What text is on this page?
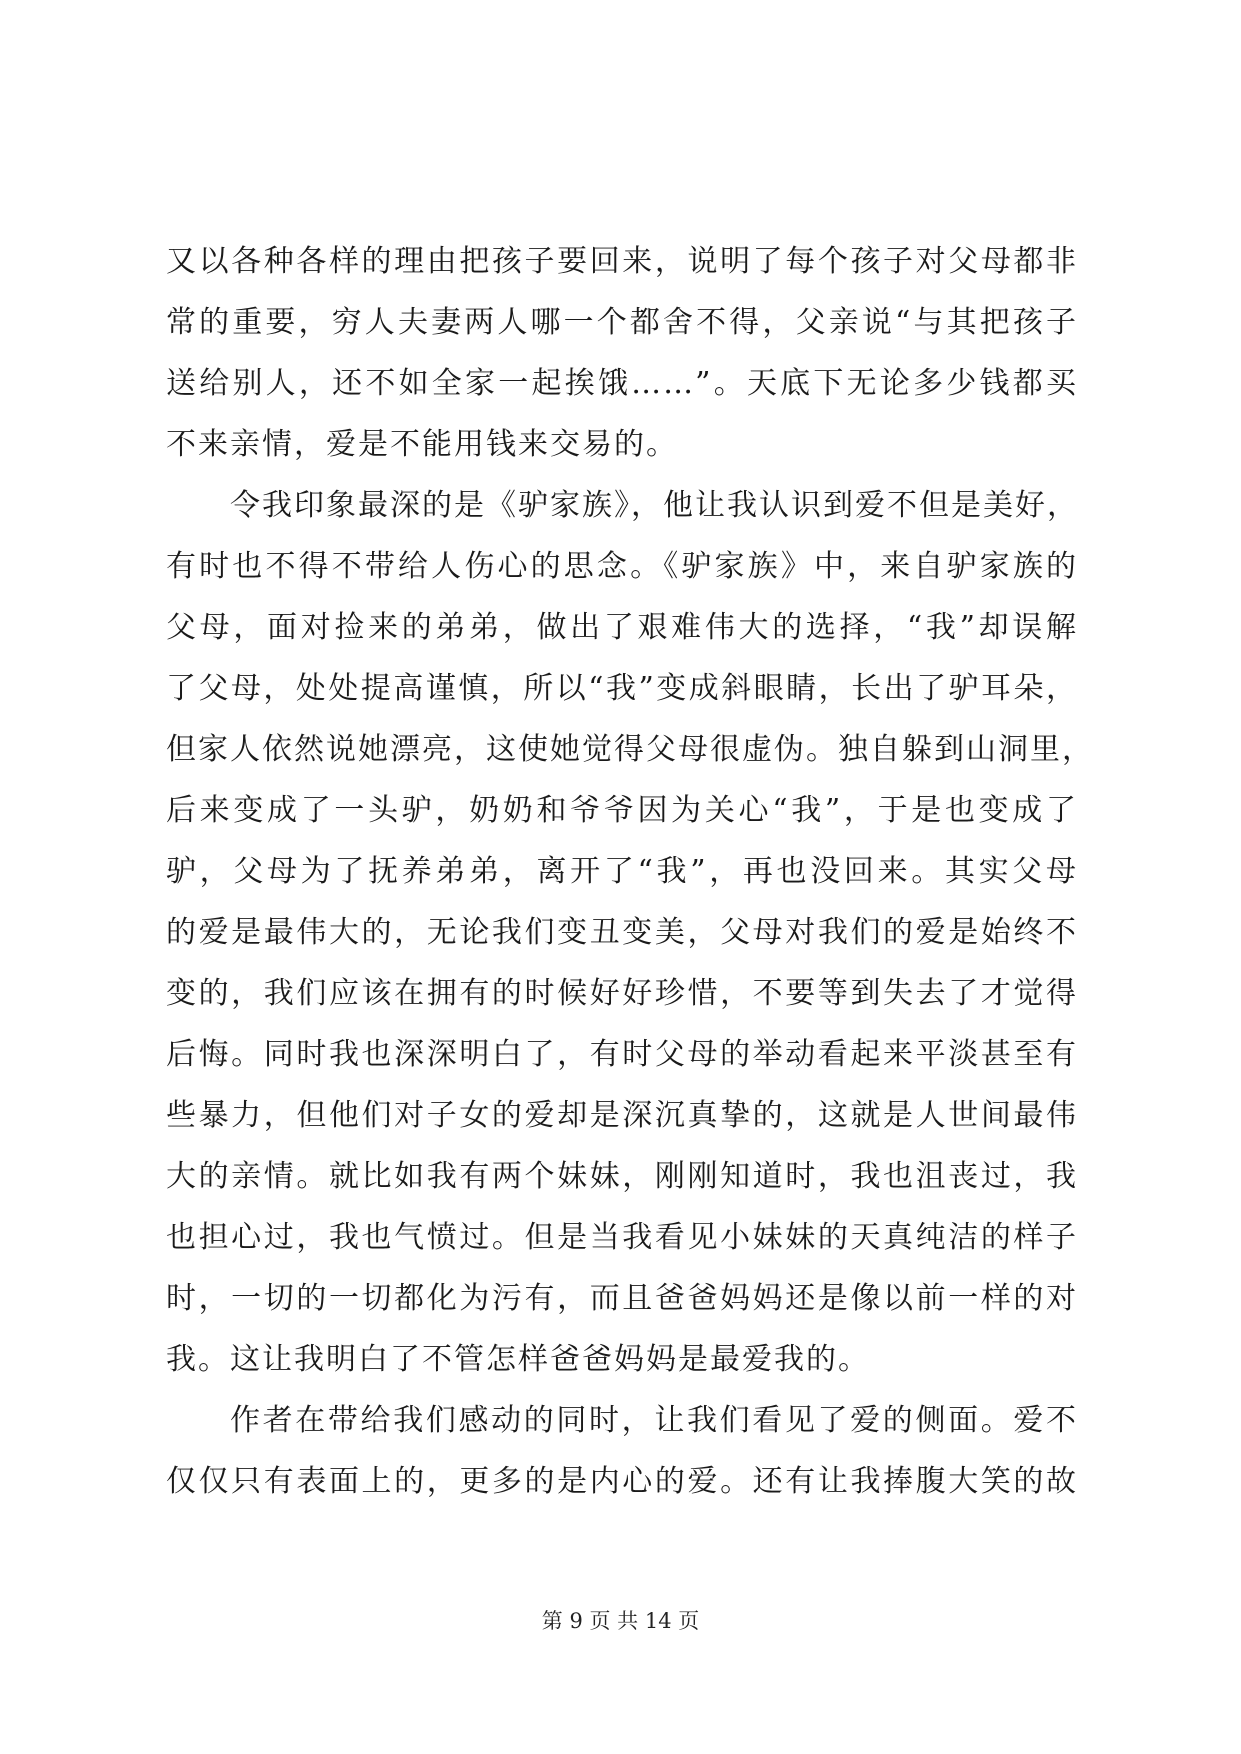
又以各种各样的理由把孩子要回来，说明了每个孩子对父母都非
常的重要，穷人夫妻两人哪一个都舍不得，父亲说“与其把孩子
送给别人，还不如全家一起挨饿……”。天底下无论多少钱都买
不来亲情，爱是不能用钱来交易的。
令我印象最深的是《驴家族》，他让我认识到爱不但是美好，
有时也不得不带给人伤心的思念。《驴家族》中，来自驴家族的
父母，面对捡来的弟弟，做出了艰难伟大的选择，“我”却误解
了父母，处处提高谨慎，所以“我”变成斜眼睛，长出了驴耳朵，
但家人依然说她漂亮，这使她觉得父母很虚伪。独自躲到山洞里，
后来变成了一头驴，奶奶和爷爷因为关心“我”，于是也变成了
驴，父母为了抚养弟弟，离开了“我”，再也没回来。其实父母
的爱是最伟大的，无论我们变丑变美，父母对我们的爱是始终不
变的，我们应该在拥有的时候好好珍惜，不要等到失去了才觉得
后悔。同时我也深深明白了，有时父母的举动看起来平淡甚至有
些暴力，但他们对子女的爱却是深沉真挚的，这就是人世间最伟
大的亲情。就比如我有两个妹妹，刚刚知道时，我也沮丧过，我
也担心过，我也气愤过。但是当我看见小妹妹的天真纯洁的样子
时，一切的一切都化为污有，而且爸爸妈妈还是像以前一样的对
我。这让我明白了不管怎样爸爸妈妈是最爱我的。
作者在带给我们感动的同时，让我们看见了爱的侧面。爱不
仅仅只有表面上的，更多的是内心的爱。还有让我捧腹大笑的故
第 9 页 共 14 页
